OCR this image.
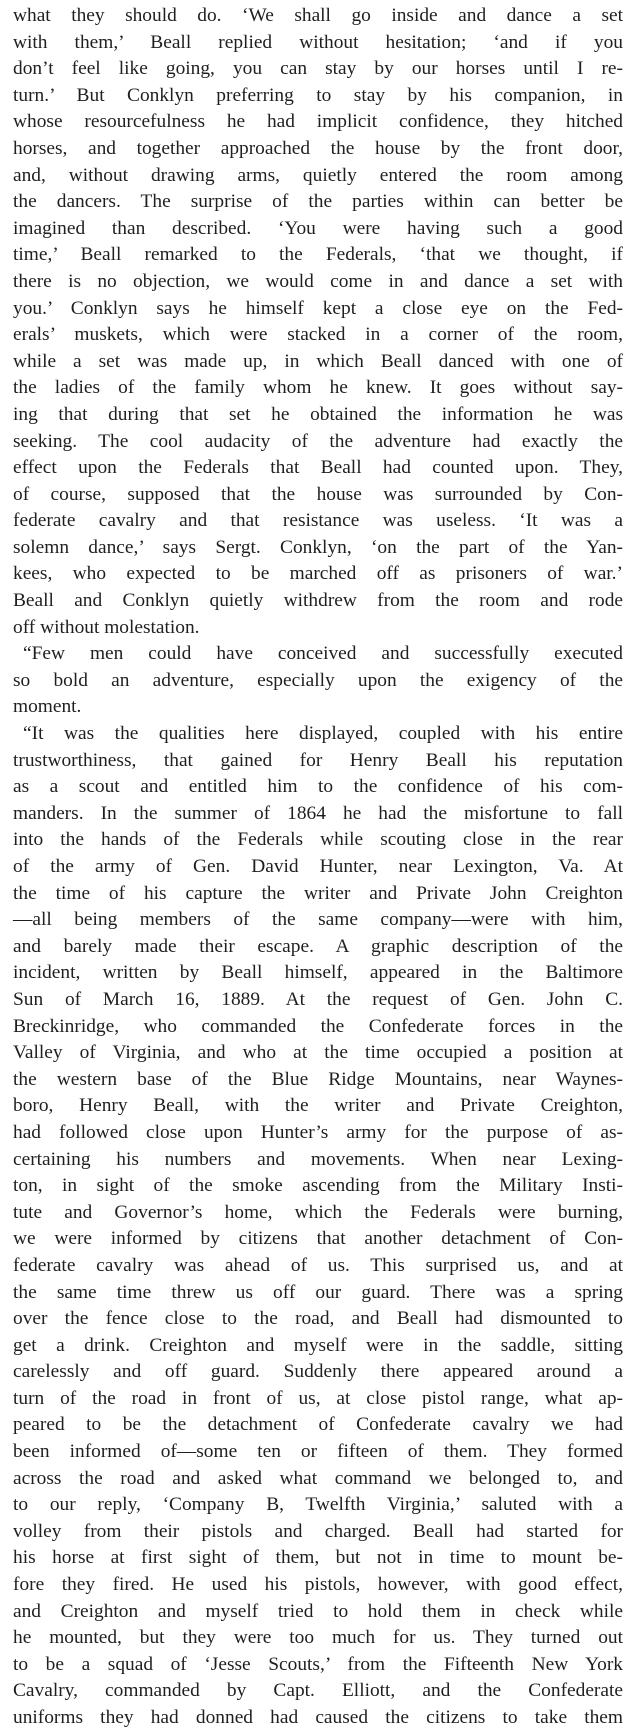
what they should do. ‘We shall go inside and dance a set
with them,’ Beall replied without hesitation; ‘and if you
don’t feel like going, you can stay by our horses until I re-
turn.’ But Conklyn preferring to stay by his companion, in
whose resourcefulness he had implicit confidence, they hitched
horses, and together approached the house by the front door,
and, without drawing arms, quietly entered the room among
the dancers. The surprise of the parties within can better be
imagined than described. ‘You were having such a good
time,’ Beall remarked to the Federals, ‘that we thought, if
there is no objection, we would come in and dance a set with
you.’ Conklyn says he himself kept a close eye on the Fed-
erals’ muskets, which were stacked in a corner of the room,
while a set was made up, in which Beall danced with one of
the ladies of the family whom he knew. It goes without say-
ing that during that set he obtained the information he was
seeking. The cool audacity of the adventure had exactly the
effect upon the Federals that Beall had counted upon. They,
of course, supposed that the house was surrounded by Con-
federate cavalry and that resistance was useless. ‘It was a
solemn dance,’ says Sergt. Conklyn, ‘on the part of the Yan-
kees, who expected to be marched off as prisoners of war.’
Beall and Conklyn quietly withdrew from the room and rode
off without molestation.
“Few men could have conceived and successfully executed
so bold an adventure, especially upon the exigency of the
moment.
“It was the qualities here displayed, coupled with his entire
trustworthiness, that gained for Henry Beall his reputation
as a scout and entitled him to the confidence of his com-
manders. In the summer of 1864 he had the misfortune to fall
into the hands of the Federals while scouting close in the rear
of the army of Gen. David Hunter, near Lexington, Va. At
the time of his capture the writer and Private John Creighton
—all being members of the same company—were with him,
and barely made their escape. A graphic description of the
incident, written by Beall himself, appeared in the Baltimore
Sun of March 16, 1889. At the request of Gen. John C.
Breckinridge, who commanded the Confederate forces in the
Valley of Virginia, and who at the time occupied a position at
the western base of the Blue Ridge Mountains, near Waynes-
boro, Henry Beall, with the writer and Private Creighton,
had followed close upon Hunter’s army for the purpose of as-
certaining his numbers and movements. When near Lexing-
ton, in sight of the smoke ascending from the Military Insti-
tute and Governor’s home, which the Federals were burning,
we were informed by citizens that another detachment of Con-
federate cavalry was ahead of us. This surprised us, and at
the same time threw us off our guard. There was a spring
over the fence close to the road, and Beall had dismounted to
get a drink. Creighton and myself were in the saddle, sitting
carelessly and off guard. Suddenly there appeared around a
turn of the road in front of us, at close pistol range, what ap-
peared to be the detachment of Confederate cavalry we had
been informed of—some ten or fifteen of them. They formed
across the road and asked what command we belonged to, and
to our reply, ‘Company B, Twelfth Virginia,’ saluted with a
volley from their pistols and charged. Beall had started for
his horse at first sight of them, but not in time to mount be-
fore they fired. He used his pistols, however, with good effect,
and Creighton and myself tried to hold them in check while
he mounted, but they were too much for us. They turned out
to be a squad of ‘Jesse Scouts,’ from the Fifteenth New York
Cavalry, commanded by Capt. Elliott, and the Confederate
uniforms they had donned had caused the citizens to take them
